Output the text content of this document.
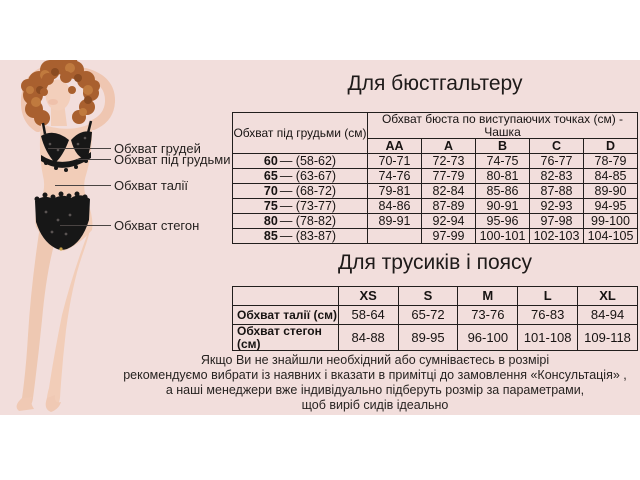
Обхват грудей
Обхват під грудьми
Обхват талії
Обхват стегон
Для бюстгальтеру
Обхват під грудьми (см)	Обхват бюста по виступаючих точках (см) - Чашка				
	AA	A	B	C	D
60 — (58-62)	70-71	72-73	74-75	76-77	78-79
65 — (63-67)	74-76	77-79	80-81	82-83	84-85
70 — (68-72)	79-81	82-84	85-86	87-88	89-90
75 — (73-77)	84-86	87-89	90-91	92-93	94-95
80 — (78-82)	89-91	92-94	95-96	97-98	99-100
85 — (83-87)		97-99	100-101	102-103	104-105
Для трусиків і поясу
	XS	S	M	L	XL
Обхват талії (см)	58-64	65-72	73-76	76-83	84-94
Обхват стегон (см)	84-88	89-95	96-100	101-108	109-118
Якщо Ви не знайшли необхідний або сумніваєтесь в розмірі
рекомендуємо вибрати із наявних і вказати в примітці до замовлення «Консультація» ,
а наші менеджери вже індивідуально підберуть розмір за параметрами,
щоб виріб сидів ідеально
